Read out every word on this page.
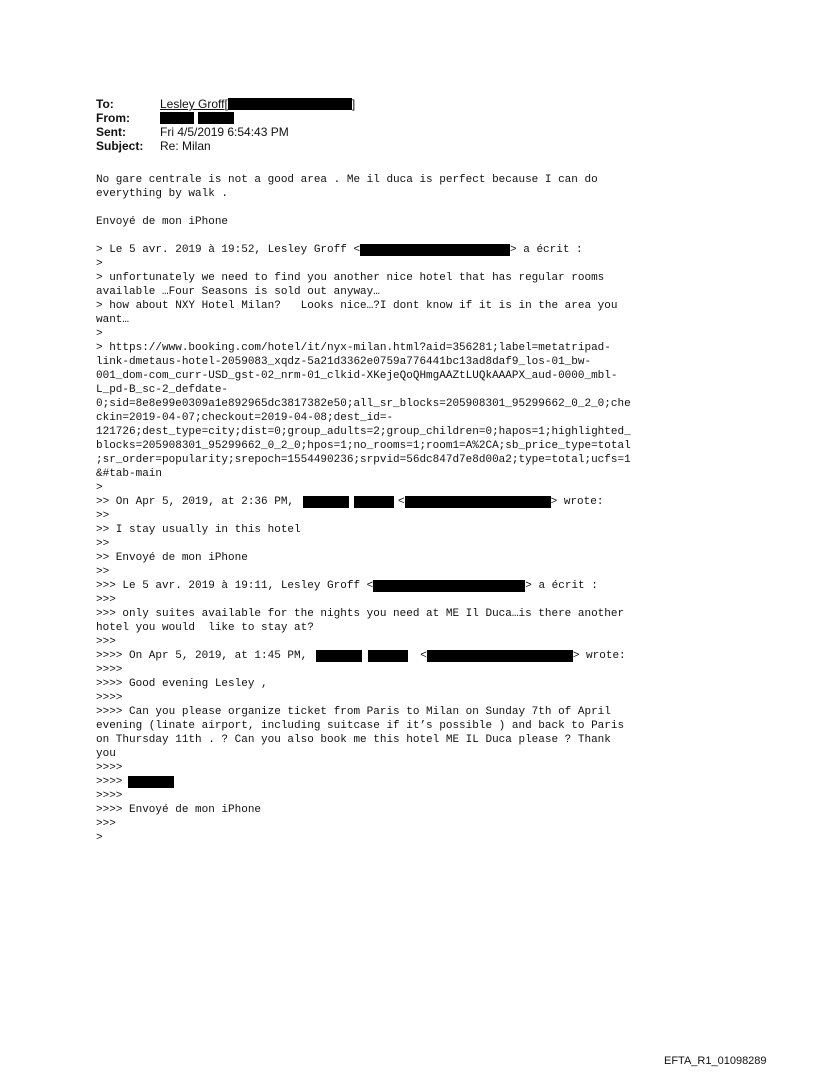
To:	Lesley Groff [	]
From:
Sent:	Fri 4/5/2019 6:54:43 PM
Subject:	Re: Milan
No gare centrale is not a good area . Me il duca is perfect because I can do
everything by walk .
Envoyé de mon iPhone
> Le 5 avr. 2019 à 19:52, Lesley Groff <	> a écrit :
>
> unfortunately we need to find you another nice hotel that has regular rooms
available …Four Seasons is sold out anyway…
> how about NXY Hotel Milan?   Looks nice…?I dont know if it is in the area you
want…
>
> https://www.booking.com/hotel/it/nyx-milan.html?aid=356281;label=metatripad-
link-dmetaus-hotel-2059083_xqdz-5a21d3362e0759a776441bc13ad8daf9_los-01_bw-
001_dom-com_curr-USD_gst-02_nrm-01_clkid-XKejeQoQHmgAAZtLUQkAAAPX_aud-0000_mbl-
L_pd-B_sc-2_defdate-
0;sid=8e8e99e0309a1e892965dc3817382e50;all_sr_blocks=205908301_95299662_0_2_0;che
ckin=2019-04-07;checkout=2019-04-08;dest_id=-
121726;dest_type=city;dist=0;group_adults=2;group_children=0;hapos=1;highlighted_
blocks=205908301_95299662_0_2_0;hpos=1;no_rooms=1;room1=A%2CA;sb_price_type=total
;sr_order=popularity;srepoch=1554490236;srpvid=56dc847d7e8d00a2;type=total;ucfs=1
&#tab-main
>
>> On Apr 5, 2019, at 2:36 PM,	<	> wrote:
>>
>> I stay usually in this hotel
>>
>> Envoyé de mon iPhone
>>
>>> Le 5 avr. 2019 à 19:11, Lesley Groff <	> a écrit :
>>>
>>> only suites available for the nights you need at ME Il Duca…is there another
hotel you would  like to stay at?
>>>
>>>> On Apr 5, 2019, at 1:45 PM,	<	> wrote:
>>>>
>>>> Good evening Lesley ,
>>>>
>>>> Can you please organize ticket from Paris to Milan on Sunday 7th of April
evening (linate airport, including suitcase if it’s possible ) and back to Paris
on Thursday 11th . ? Can you also book me this hotel ME IL Duca please ? Thank
you
>>>>
>>>>
>>>>
>>>> Envoyé de mon iPhone
>>>
>
EFTA_R1_01098289
